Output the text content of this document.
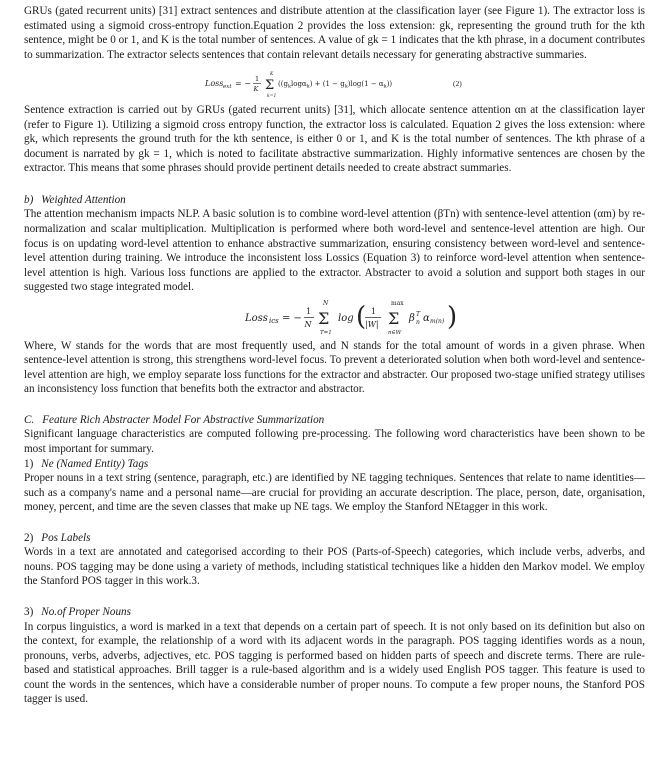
GRUs (gated recurrent units) [31] extract sentences and distribute attention at the classification layer (see Figure 1). The extractor loss is estimated using a sigmoid cross-entropy function.Equation 2 provides the loss extension: gk, representing the ground truth for the kth sentence, might be 0 or 1, and K is the total number of sentences. A value of gk = 1 indicates that the kth phrase, in a document contributes to summarization. The extractor selects sentences that contain relevant details necessary for generating abstractive summaries.

Loss ext = − 1
K
K
Σ
k=1
$((g_k\log\alpha_k) + (1 - g_k)\log(1 - \alpha_k))$	(2)

Sentence extraction is carried out by GRUs (gated recurrent units) [31], which allocate sentence attention αn at the classification layer (refer to Figure 1). Utilizing a sigmoid cross entropy function, the extractor loss is calculated. Equation 2 gives the loss extension: where gk, which represents the ground truth for the kth sentence, is either 0 or 1, and K is the total number of sentences. The kth phrase of a document is narrated by gk = 1, which is noted to facilitate abstractive summarization. Highly informative sentences are chosen by the extractor. This means that some phrases should provide pertinent details needed to create abstract summaries.

b) Weighted Attention

The attention mechanism impacts NLP. A basic solution is to combine word-level attention (βTn) with sentence-level attention (αm) by re-normalization and scalar multiplication. Multiplication is performed where both word-level and sentence-level attention are high. Our focus is on updating word-level attention to enhance abstractive summarization, ensuring consistency between word-level and sentence-level attention during training. We introduce the inconsistent loss Lossics (Equation 3) to reinforce word-level attention when sentence-level attention is high. Various loss functions are applied to the extractor. Abstracter to avoid a solution and support both stages in our suggested two stage integrated model.

Loss ics = −
1
N
N
Σ
T=1
log ( 1
|W|
max
Σ
n∈W
β T
n α m(n) )

Where, W stands for the words that are most frequently used, and N stands for the total amount of words in a given phrase. When sentence-level attention is strong, this strengthens word-level focus. To prevent a deteriorated solution when both word-level and sentence-level attention are high, we employ separate loss functions for the extractor and abstracter. Our proposed two-stage unified strategy utilises an inconsistency loss function that benefits both the extractor and abstractor.

C. Feature Rich Abstracter Model For Abstractive Summarization

Significant language characteristics are computed following pre-processing. The following word characteristics have been shown to be most important for summary.

1) Ne (Named Entity) Tags

Proper nouns in a text string (sentence, paragraph, etc.) are identified by NE tagging techniques. Sentences that relate to name identities—such as a company's name and a personal name—are crucial for providing an accurate description. The place, person, date, organisation, money, percent, and time are the seven classes that make up NE tags. We employ the Stanford NEtagger in this work.

2) Pos Labels

Words in a text are annotated and categorised according to their POS (Parts-of-Speech) categories, which include verbs, adverbs, and nouns. POS tagging may be done using a variety of methods, including statistical techniques like a hidden den Markov model. We employ the Stanford POS tagger in this work.3.

3) No.of Proper Nouns

In corpus linguistics, a word is marked in a text that depends on a certain part of speech. It is not only based on its definition but also on the context, for example, the relationship of a word with its adjacent words in the paragraph. POS tagging identifies words as a noun, pronouns, verbs, adverbs, adjectives, etc. POS tagging is performed based on hidden parts of speech and discrete terms. There are rule-based and statistical approaches. Brill tagger is a rule-based algorithm and is a widely used English POS tagger. This feature is used to count the words in the sentences, which have a considerable number of proper nouns. To compute a few proper nouns, the Stanford POS tagger is used.
